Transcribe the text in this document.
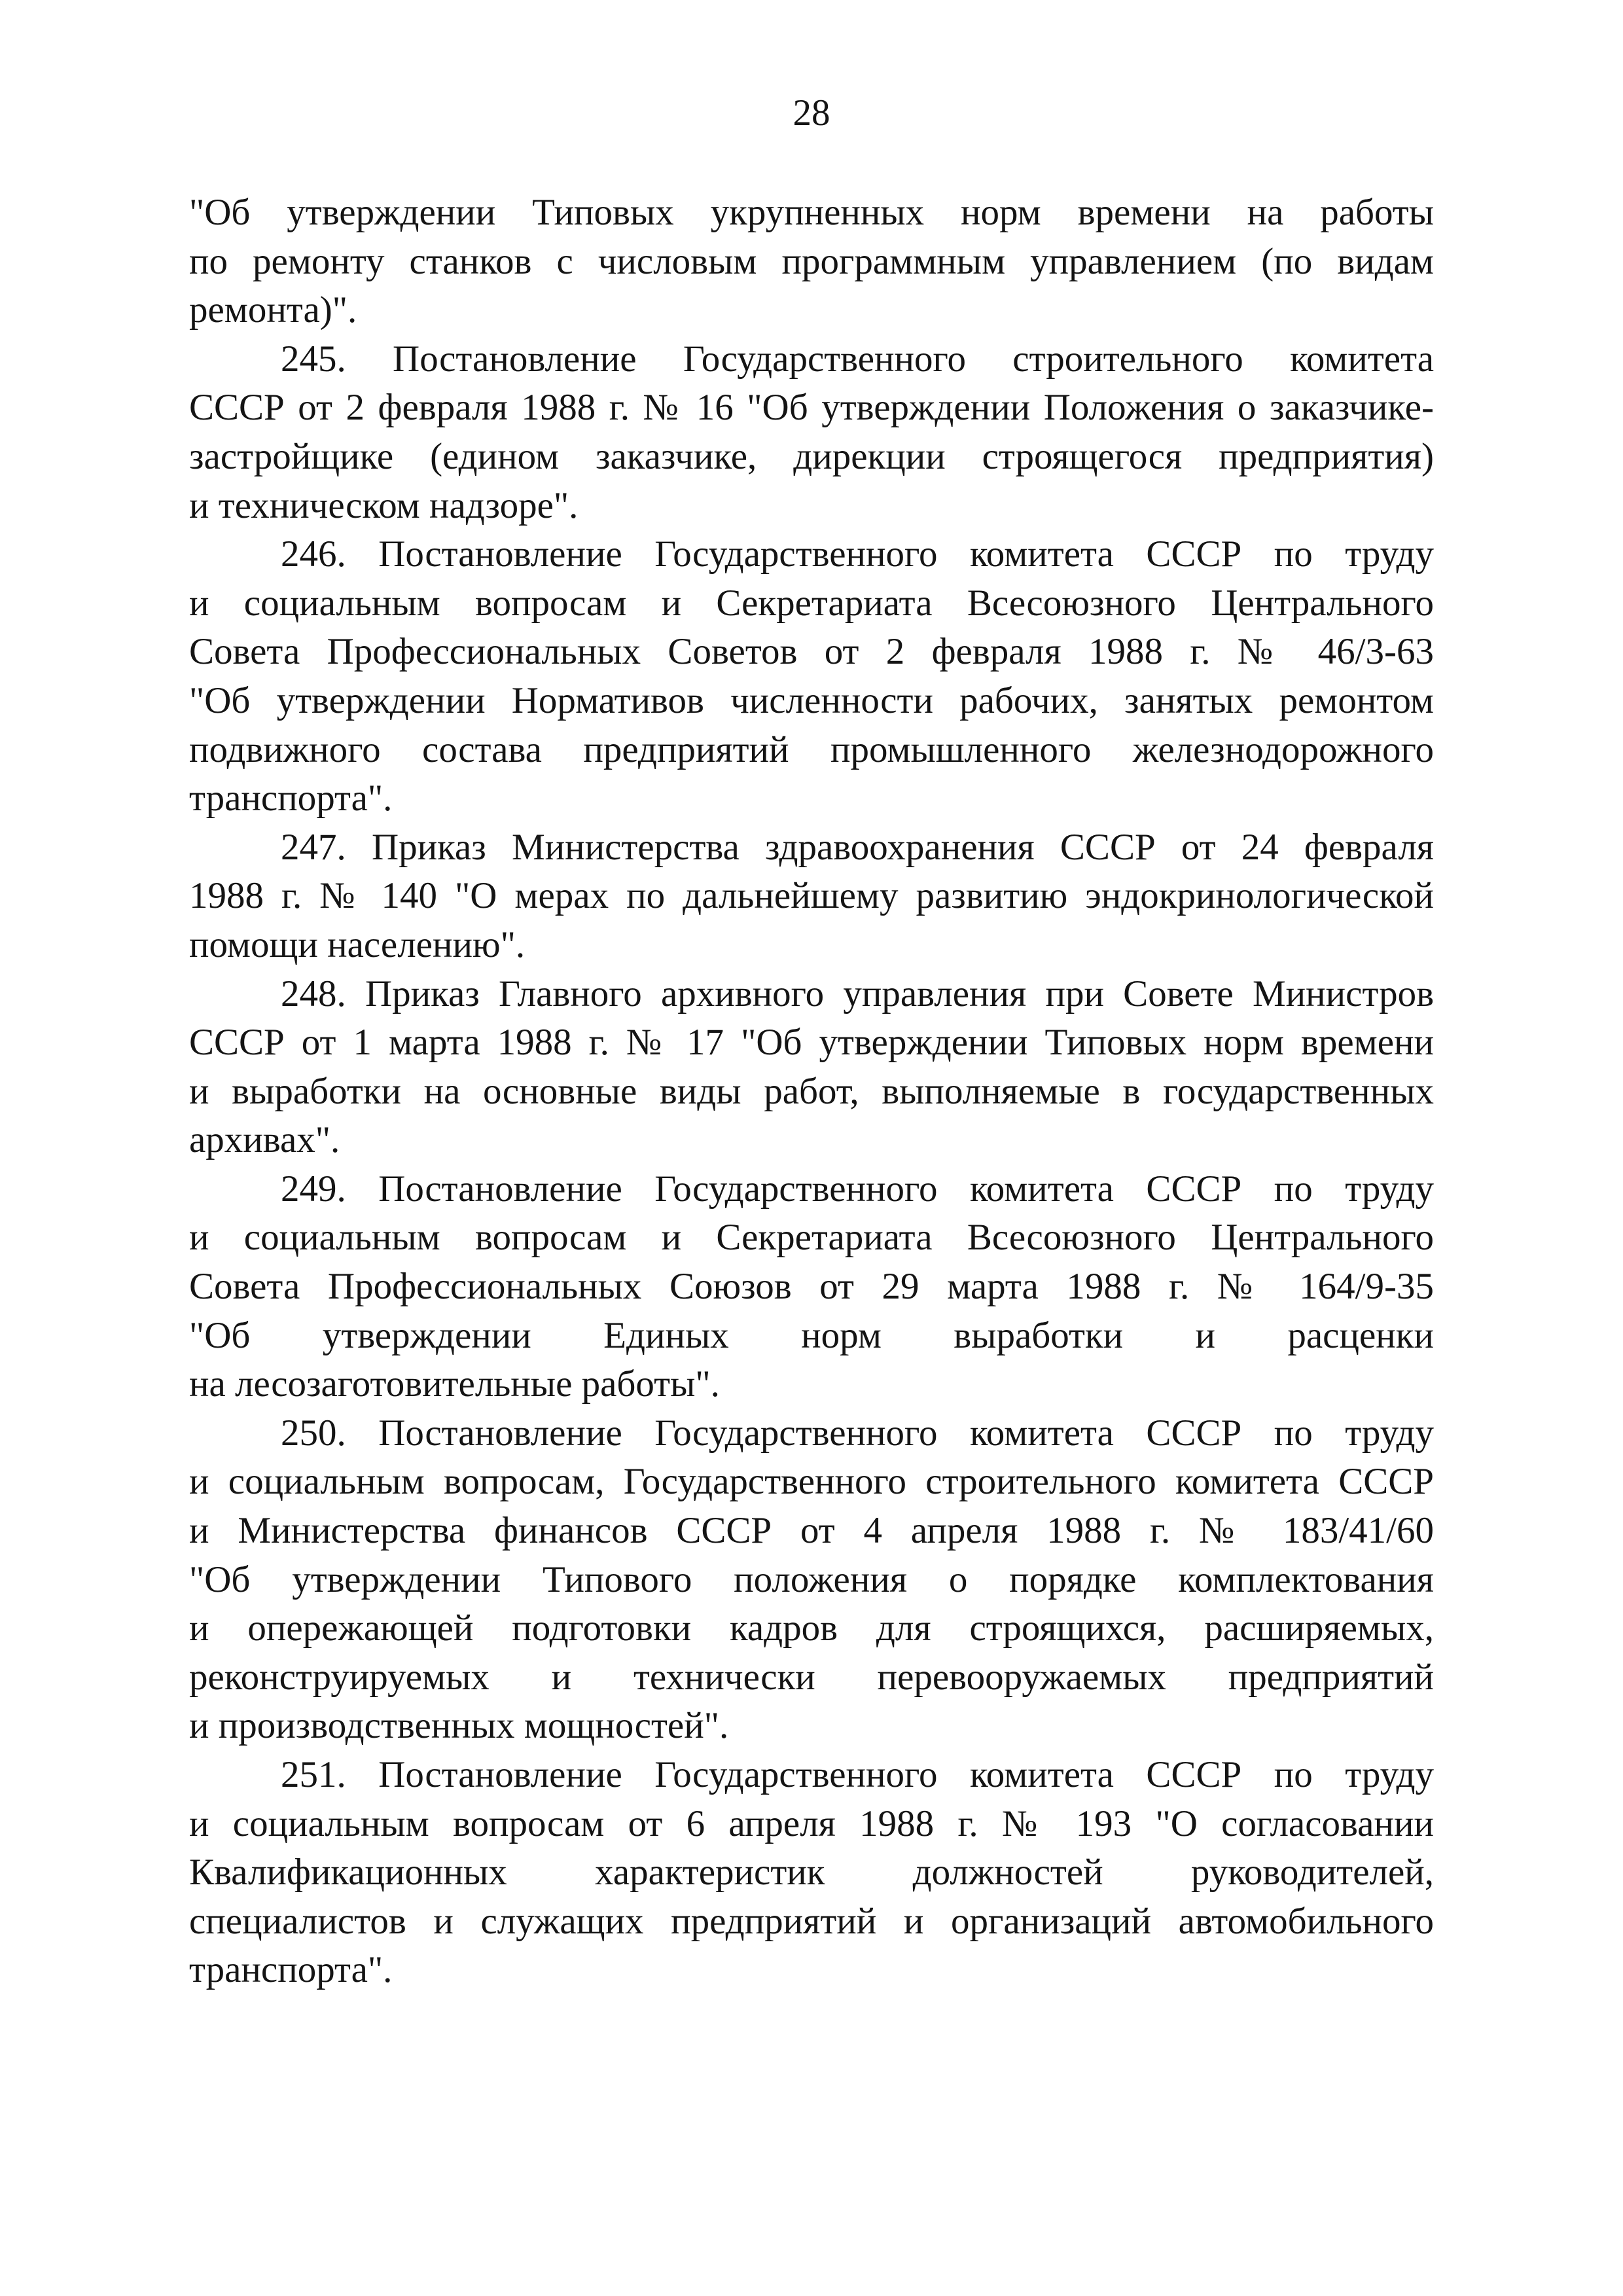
28

"Об утверждении Типовых укрупненных норм времени на работы
по ремонту станков с числовым программным управлением (по видам
ремонта)".

245. Постановление Государственного строительного комитета
СССР от 2 февраля 1988 г. № 16 "Об утверждении Положения о заказчике-
застройщике (едином заказчике, дирекции строящегося предприятия)
и техническом надзоре".

246. Постановление Государственного комитета СССР по труду
и социальным вопросам и Секретариата Всесоюзного Центрального
Совета Профессиональных Советов от 2 февраля 1988 г. № 46/3-63
"Об утверждении Нормативов численности рабочих, занятых ремонтом
подвижного состава предприятий промышленного железнодорожного
транспорта".

247. Приказ Министерства здравоохранения СССР от 24 февраля
1988 г. № 140 "О мерах по дальнейшему развитию эндокринологической
помощи населению".

248. Приказ Главного архивного управления при Совете Министров
СССР от 1 марта 1988 г. № 17 "Об утверждении Типовых норм времени
и выработки на основные виды работ, выполняемые в государственных
архивах".

249. Постановление Государственного комитета СССР по труду
и социальным вопросам и Секретариата Всесоюзного Центрального
Совета Профессиональных Союзов от 29 марта 1988 г. № 164/9-35
"Об утверждении Единых норм выработки и расценки
на лесозаготовительные работы".

250. Постановление Государственного комитета СССР по труду
и социальным вопросам, Государственного строительного комитета СССР
и Министерства финансов СССР от 4 апреля 1988 г. № 183/41/60
"Об утверждении Типового положения о порядке комплектования
и опережающей подготовки кадров для строящихся, расширяемых,
реконструируемых и технически перевооружаемых предприятий
и производственных мощностей".

251. Постановление Государственного комитета СССР по труду
и социальным вопросам от 6 апреля 1988 г. № 193 "О согласовании
Квалификационных характеристик должностей руководителей,
специалистов и служащих предприятий и организаций автомобильного
транспорта".
